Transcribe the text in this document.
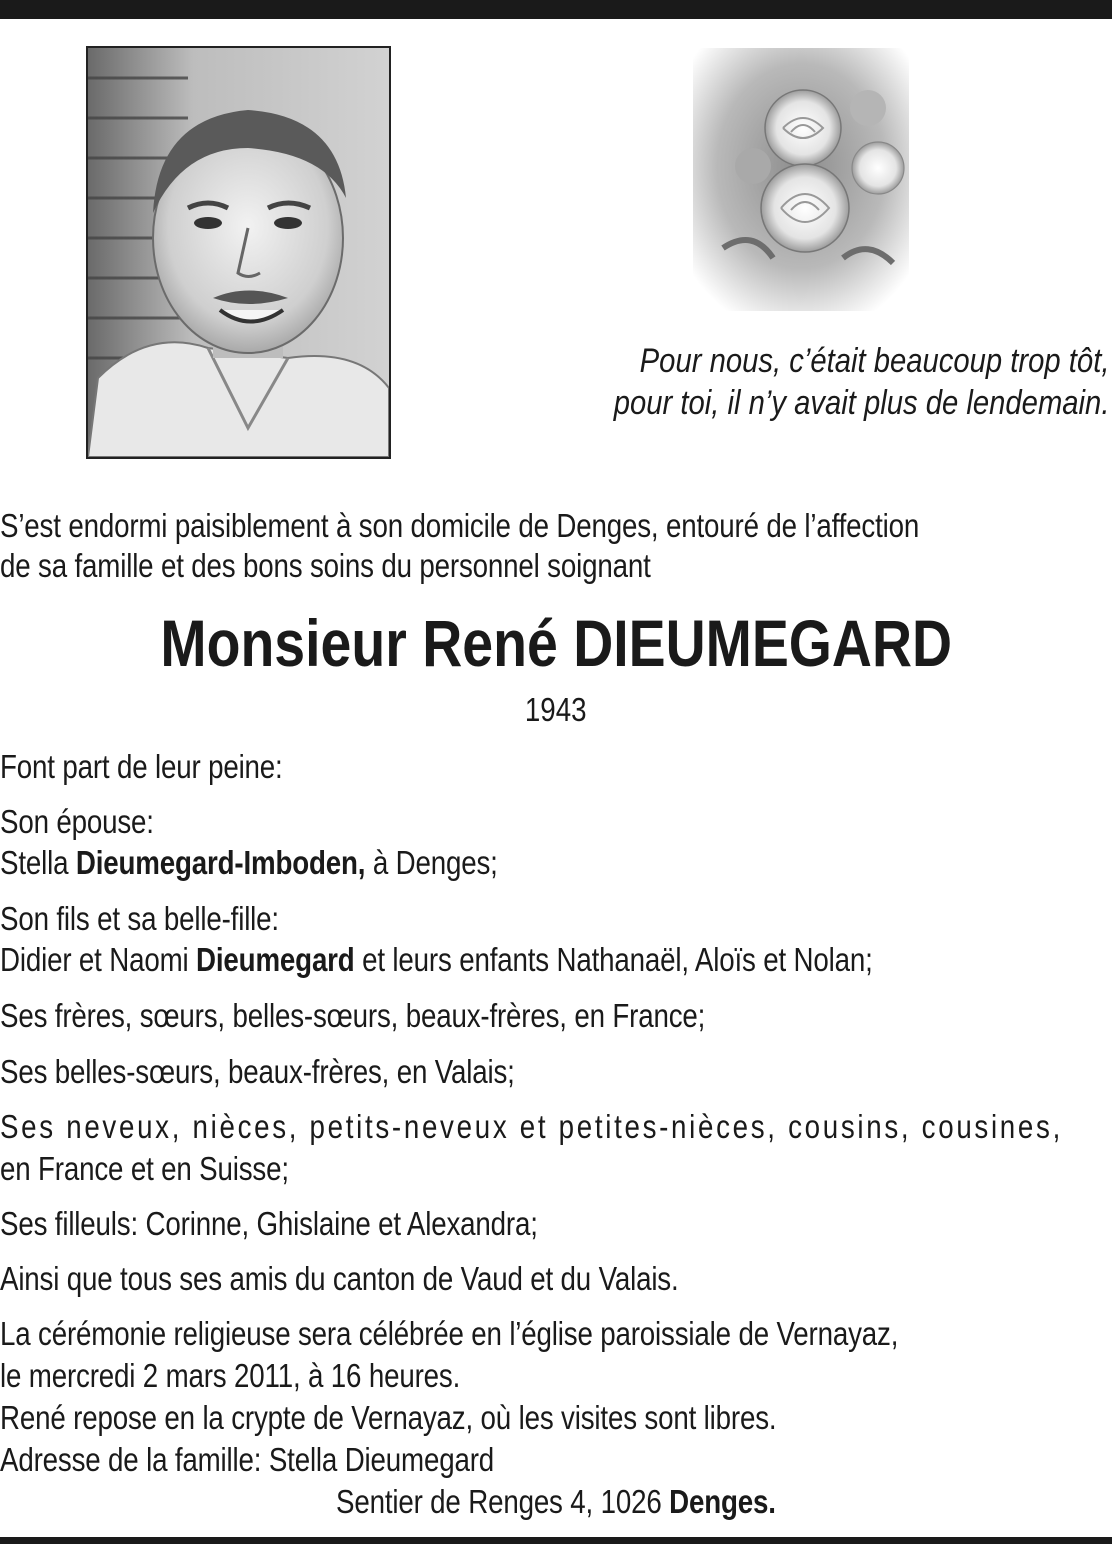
Pour nous, c’était beaucoup trop tôt,
pour toi, il n’y avait plus de lendemain.
S’est endormi paisiblement à son domicile de Denges, entouré de l’affection
de sa famille et des bons soins du personnel soignant
Monsieur René DIEUMEGARD
1943
Font part de leur peine:
Son épouse:
Stella Dieumegard-Imboden, à Denges;
Son fils et sa belle-fille:
Didier et Naomi Dieumegard et leurs enfants Nathanaël, Aloïs et Nolan;
Ses frères, sœurs, belles-sœurs, beaux-frères, en France;
Ses belles-sœurs, beaux-frères, en Valais;
Ses neveux, nièces, petits-neveux et petites-nièces, cousins, cousines,
en France et en Suisse;
Ses filleuls: Corinne, Ghislaine et Alexandra;
Ainsi que tous ses amis du canton de Vaud et du Valais.
La cérémonie religieuse sera célébrée en l’église paroissiale de Vernayaz,
le mercredi 2 mars 2011, à 16 heures.
René repose en la crypte de Vernayaz, où les visites sont libres.
Adresse de la famille: Stella Dieumegard
Sentier de Renges 4, 1026 Denges.
